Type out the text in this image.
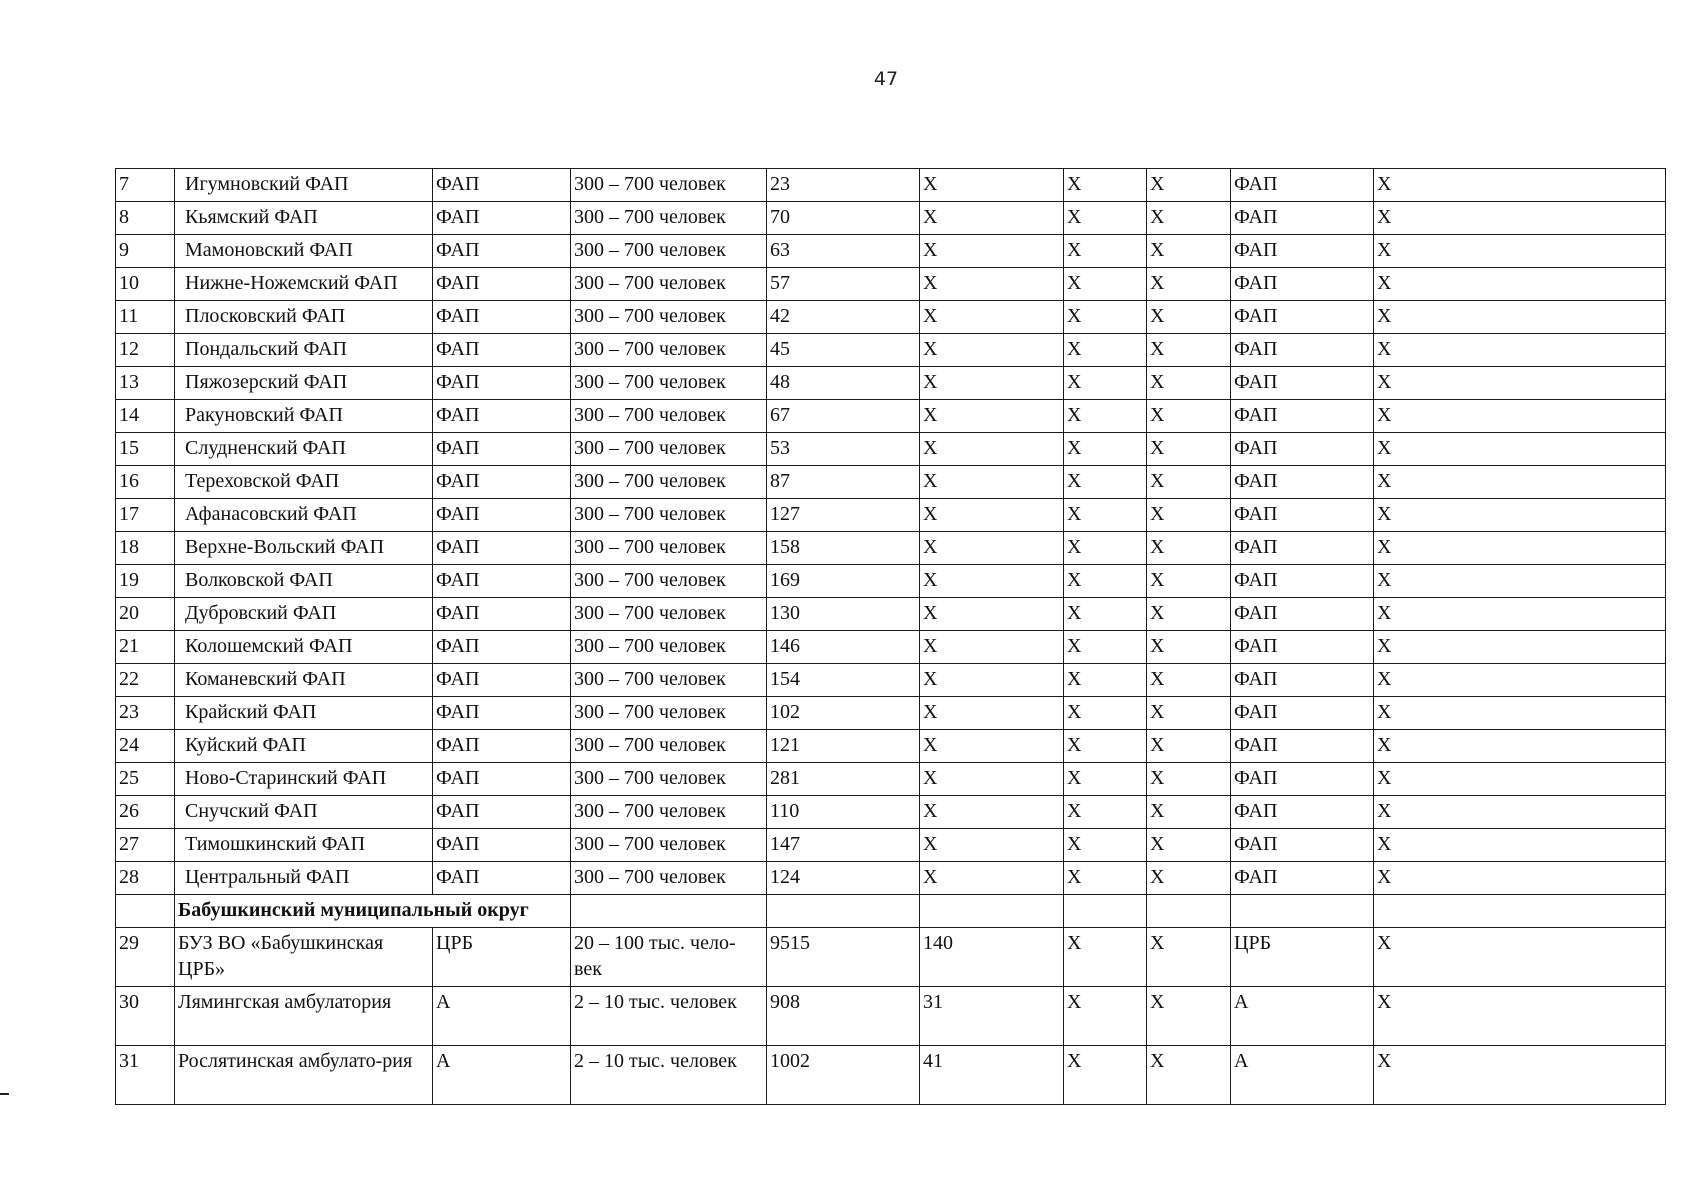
47
7	Игумновский ФАП	ФАП	300 – 700 человек	23	X	X	X	ФАП	X
8	Кьямский ФАП	ФАП	300 – 700 человек	70	X	X	X	ФАП	X
9	Мамоновский ФАП	ФАП	300 – 700 человек	63	X	X	X	ФАП	X
10	Нижне-Ножемский ФАП	ФАП	300 – 700 человек	57	X	X	X	ФАП	X
11	Плосковский ФАП	ФАП	300 – 700 человек	42	X	X	X	ФАП	X
12	Пондальский ФАП	ФАП	300 – 700 человек	45	X	X	X	ФАП	X
13	Пяжозерский ФАП	ФАП	300 – 700 человек	48	X	X	X	ФАП	X
14	Ракуновский ФАП	ФАП	300 – 700 человек	67	X	X	X	ФАП	X
15	Слудненский ФАП	ФАП	300 – 700 человек	53	X	X	X	ФАП	X
16	Тереховской ФАП	ФАП	300 – 700 человек	87	X	X	X	ФАП	X
17	Афанасовский ФАП	ФАП	300 – 700 человек	127	X	X	X	ФАП	X
18	Верхне-Вольский ФАП	ФАП	300 – 700 человек	158	X	X	X	ФАП	X
19	Волковской ФАП	ФАП	300 – 700 человек	169	X	X	X	ФАП	X
20	Дубровский ФАП	ФАП	300 – 700 человек	130	X	X	X	ФАП	X
21	Колошемский ФАП	ФАП	300 – 700 человек	146	X	X	X	ФАП	X
22	Команевский ФАП	ФАП	300 – 700 человек	154	X	X	X	ФАП	X
23	Крайский ФАП	ФАП	300 – 700 человек	102	X	X	X	ФАП	X
24	Куйский ФАП	ФАП	300 – 700 человек	121	X	X	X	ФАП	X
25	Ново-Старинский ФАП	ФАП	300 – 700 человек	281	X	X	X	ФАП	X
26	Снучский ФАП	ФАП	300 – 700 человек	110	X	X	X	ФАП	X
27	Тимошкинский ФАП	ФАП	300 – 700 человек	147	X	X	X	ФАП	X
28	Центральный ФАП	ФАП	300 – 700 человек	124	X	X	X	ФАП	X
	Бабушкинский муниципальный округ								
29	БУЗ ВО «Бабушкинская ЦРБ»	ЦРБ	20 – 100 тыс. чело-век	9515	140	X	X	ЦРБ	X
30	Лямингская амбулатория	А	2 – 10 тыс. человек	908	31	X	X	А	X
31	Рослятинская амбулато-рия	А	2 – 10 тыс. человек	1002	41	X	X	А	X
